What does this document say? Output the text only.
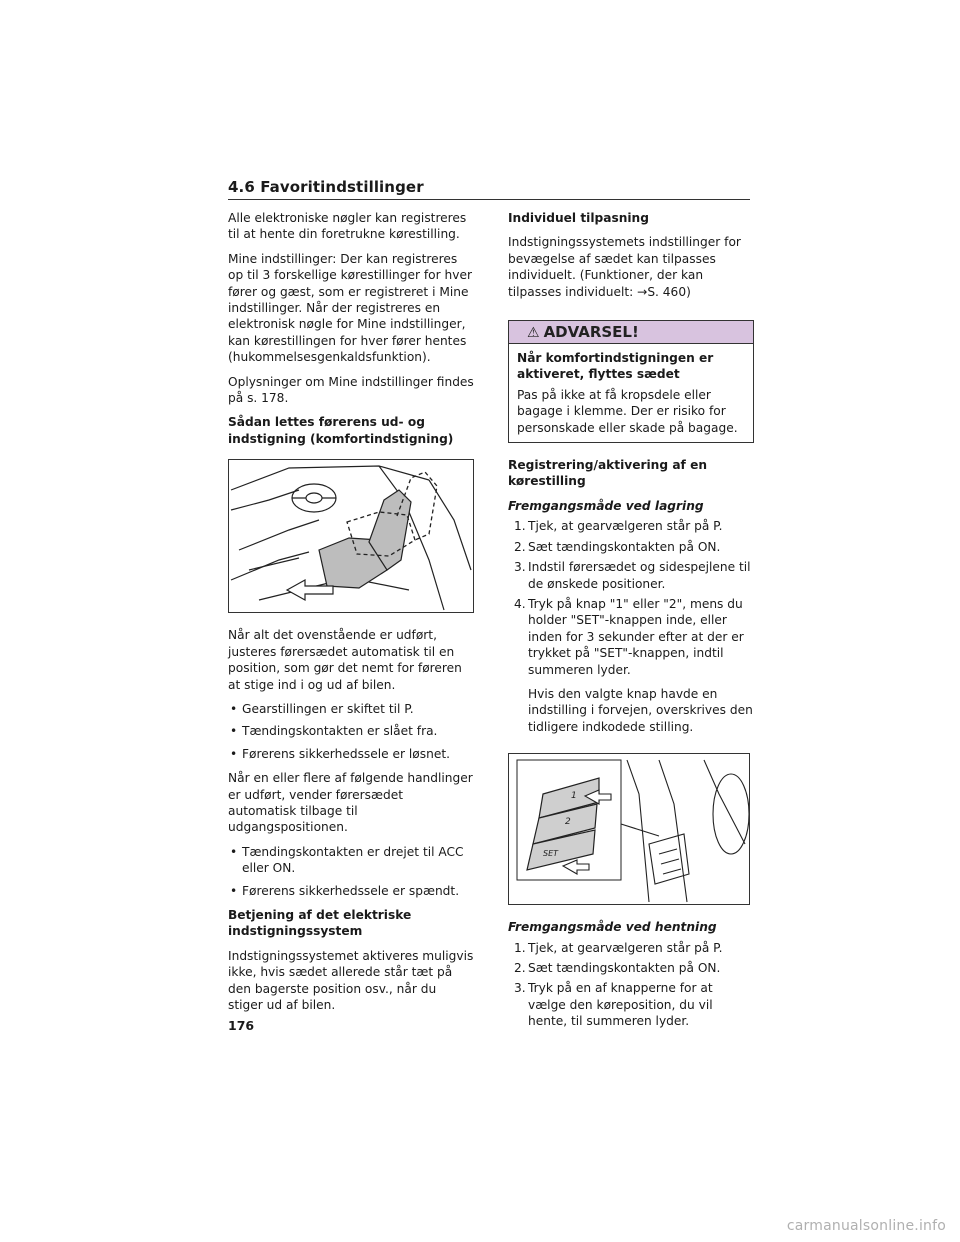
4.6 Favoritindstillinger

Alle elektroniske nøgler kan registreres til at hente din foretrukne kørestilling.

Mine indstillinger: Der kan registreres op til 3 forskellige kørestillinger for hver fører og gæst, som er registreret i Mine indstillinger. Når der registreres en elektronisk nøgle for Mine indstillinger, kan kørestillingen for hver fører hentes (hukommelsesgenkaldsfunktion).

Oplysninger om Mine indstillinger findes på s. 178.

Sådan lettes førerens ud- og indstigning (komfortindstigning)

Når alt det ovenstående er udført, justeres førersædet automatisk til en position, som gør det nemt for føreren at stige ind i og ud af bilen.

• Gearstillingen er skiftet til P.
• Tændingskontakten er slået fra.
• Førerens sikkerhedssele er løsnet.

Når en eller flere af følgende handlinger er udført, vender førersædet automatisk tilbage til udgangspositionen.

• Tændingskontakten er drejet til ACC eller ON.
• Førerens sikkerhedssele er spændt.

Betjening af det elektriske indstigningssystem

Indstigningssystemet aktiveres muligvis ikke, hvis sædet allerede står tæt på den bagerste position osv., når du stiger ud af bilen.

Individuel tilpasning

Indstigningssystemets indstillinger for bevægelse af sædet kan tilpasses individuelt. (Funktioner, der kan tilpasses individuelt: →S. 460)

⚠ ADVARSEL!

Når komfortindstigningen er aktiveret, flyttes sædet

Pas på ikke at få kropsdele eller bagage i klemme. Der er risiko for personskade eller skade på bagage.

Registrering/aktivering af en kørestilling

Fremgangsmåde ved lagring

1. Tjek, at gearvælgeren står på P.
2. Sæt tændingskontakten på ON.
3. Indstil førersædet og sidespejlene til de ønskede positioner.
4. Tryk på knap "1" eller "2", mens du holder "SET"-knappen inde, eller inden for 3 sekunder efter at der er trykket på "SET"-knappen, indtil summeren lyder.
Hvis den valgte knap havde en indstilling i forvejen, overskrives den tidligere indkodede stilling.
1
2
SET

Fremgangsmåde ved hentning

1. Tjek, at gearvælgeren står på P.
2. Sæt tændingskontakten på ON.
3. Tryk på en af knapperne for at vælge den køreposition, du vil hente, til summeren lyder.
176
carmanualsonline.info
